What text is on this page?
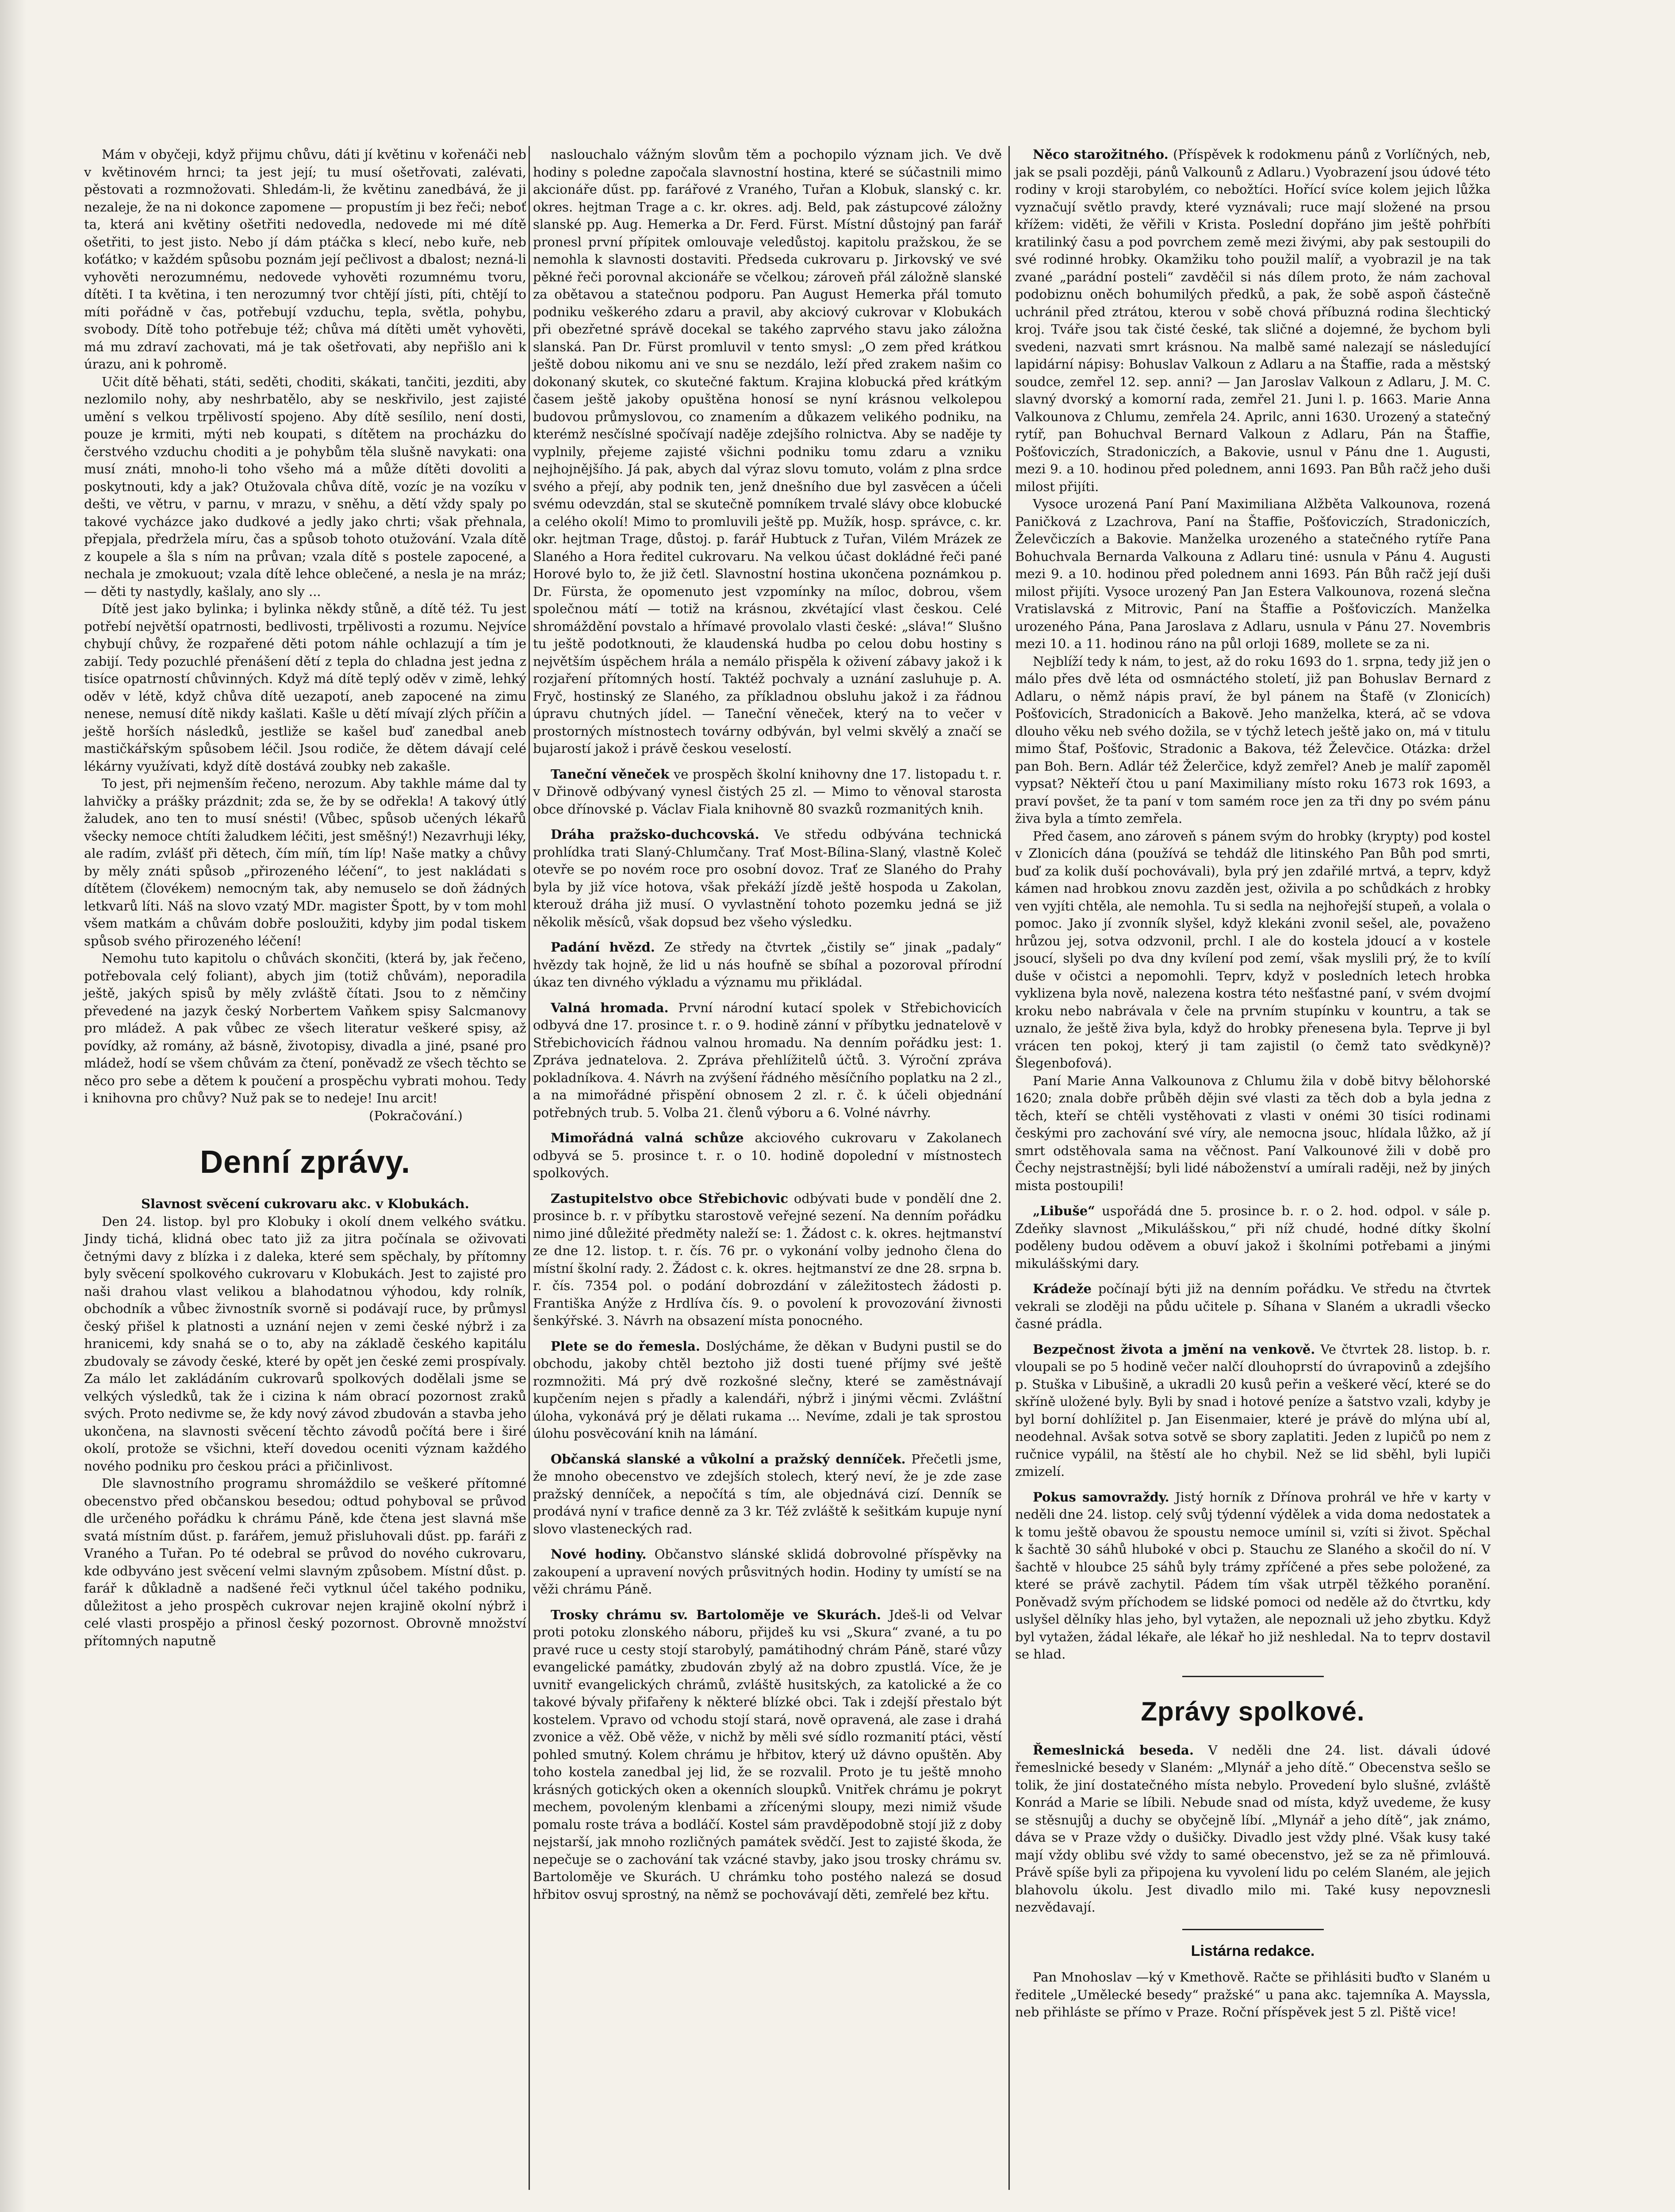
Mám v obyčeji, když přijmu chůvu, dáti jí květinu v kořenáči neb v květinovém hrnci; ta jest její; tu musí ošetřovati, zalévati, pěstovati a rozmnožovati. Shledám-li, že květinu zanedbává, že ji nezaleje, že na ni dokonce zapomene — propustím ji bez řeči; neboť ta, která ani květiny ošetřiti nedovedla, nedovede mi mé dítě ošetřiti, to jest jisto. Nebo jí dám ptáčka s klecí, nebo kuře, neb koťátko; v každém spůsobu poznám její pečlivost a dbalost; nezná-li vyhověti nerozumnému, nedovede vyhověti rozumnému tvoru, dítěti. I ta květina, i ten nerozumný tvor chtějí jísti, píti, chtějí to míti pořádně v čas, potřebují vzduchu, tepla, světla, pohybu, svobody. Dítě toho potřebuje též; chůva má dítěti umět vyhověti, má mu zdraví zachovati, má je tak ošetřovati, aby nepřišlo ani k úrazu, ani k pohromě.

Učit dítě běhati, státi, seděti, choditi, skákati, tančiti, jezditi, aby nezlomilo nohy, aby neshrbatělo, aby se neskřivilo, jest zajisté umění s velkou trpělivostí spojeno. Aby dítě sesílilo, není dosti, pouze je krmiti, mýti neb koupati, s dítětem na procházku do čerstvého vzduchu choditi a je pohybům těla slušně navykati: ona musí znáti, mnoho-li toho všeho má a může dítěti dovoliti a poskytnouti, kdy a jak? Otužovala chůva dítě, vozíc je na vozíku v dešti, ve větru, v parnu, v mrazu, v sněhu, a dětí vždy spaly po takové vycházce jako dudkové a jedly jako chrti; však přehnala, přepjala, předržela míru, čas a spůsob tohoto otužování. Vzala dítě z koupele a šla s ním na průvan; vzala dítě s postele zapocené, a nechala je zmokuout; vzala dítě lehce oblečené, a nesla je na mráz; — děti ty nastydly, kašlaly, ano sly ...

Dítě jest jako bylinka; i bylinka někdy stůně, a dítě též. Tu jest potřebí největší opatrnosti, bedlivosti, trpělivosti a rozumu. Nejvíce chybují chůvy, že rozpařené děti potom náhle ochlazují a tím je zabijí. Tedy pozuchlé přenášení dětí z tepla do chladna jest jedna z tisíce opatrností chůvinných. Když má dítě teplý oděv v zimě, lehký oděv v létě, když chůva dítě uezapotí, aneb zapocené na zimu nenese, nemusí dítě nikdy kašlati. Kašle u dětí mívají zlých příčin a ještě horších následků, jestliže se kašel buď zanedbal aneb mastičkářským spůsobem léčil. Jsou rodiče, že dětem dávají celé lékárny využívati, když dítě dostává zoubky neb zakašle.

To jest, při nejmenším řečeno, nerozum. Aby takhle máme dal ty lahvičky a prášky prázdnit; zda se, že by se odřekla! A takový útlý žaludek, ano ten to musí snésti! (Vůbec, spůsob učených lékařů všecky nemoce chtíti žaludkem léčiti, jest směšný!) Nezavrhuji léky, ale radím, zvlášť při dětech, čím míň, tím líp! Naše matky a chůvy by měly znáti spůsob „přirozeného léčení“, to jest nakládati s dítětem (človékem) nemocným tak, aby nemuselo se doň žádných letkvarů líti. Náš na slovo vzatý MDr. magister Špott, by v tom mohl všem matkám a chůvám dobře posloužiti, kdyby jim podal tiskem spůsob svého přirozeného léčení!

Nemohu tuto kapitolu o chůvách skončiti, (která by, jak řečeno, potřebovala celý foliant), abych jim (totiž chůvám), neporadila ještě, jakých spisů by měly zvláště čítati. Jsou to z němčiny převedené na jazyk český Norbertem Vaňkem spisy Salcmanovy pro mládež. A pak vůbec ze všech literatur veškeré spisy, až povídky, až romány, až básně, životopisy, divadla a jiné, psané pro mládež, hodí se všem chůvám za čtení, poněvadž ze všech těchto se něco pro sebe a dětem k poučení a prospěchu vybrati mohou. Tedy i knihovna pro chůvy? Nuž pak se to nedeje! Inu arcit!

(Pokračování.)

Denní zprávy.

Slavnost svěcení cukrovaru akc. v Klobukách.

Den 24. listop. byl pro Klobuky i okolí dnem velkého svátku. Jindy tichá, klidná obec tato již za jitra počínala se oživovati četnými davy z blízka i z daleka, které sem spěchaly, by přítomny byly svěcení spolkového cukrovaru v Klobukách. Jest to zajisté pro naši drahou vlast velikou a blahodatnou výhodou, kdy rolník, obchodník a vůbec živnostník svorně si podávají ruce, by průmysl český přišel k platnosti a uznání nejen v zemi české nýbrž i za hranicemi, kdy snahá se o to, aby na základě českého kapitálu zbudovaly se závody české, které by opět jen české zemi prospívaly. Za málo let zakládáním cukrovarů spolkových dodělali jsme se velkých výsledků, tak že i cizina k nám obrací pozornost zraků svých. Proto nedivme se, že kdy nový závod zbudován a stavba jeho ukončena, na slavnosti svěcení těchto závodů počítá bere i širé okolí, protože se všichni, kteří dovedou oceniti význam každého nového podniku pro českou práci a přičinlivost.

Dle slavnostního programu shromáždilo se veškeré přítomné obecenstvo před občanskou besedou; odtud pohyboval se průvod dle určeného pořádku k chrámu Páně, kde čtena jest slavná mše svatá místním dűst. p. farářem, jemuž přisluhovali dűst. pp. faráři z Vraného a Tuřan. Po té odebral se průvod do nového cukrovaru, kde odbyváno jest svěcení velmi slavným způsobem. Místní důst. p. farář k důkladně a nadšené řeči vytknul účel takého podniku, důležitost a jeho prospěch cukrovar nejen krajině okolní nýbrž i celé vlasti prospějo a přinosl český pozornost. Obrovně množství přítomných naputně

naslouchalo vážným slovům těm a pochopilo význam jich. Ve dvě hodiny s poledne započala slavnostní hostina, které se súčastnili mimo akcionáře dűst. pp. farářové z Vraného, Tuřan a Klobuk, slanský c. kr. okres. hejtman Trage a c. kr. okres. adj. Beld, pak zástupcové záložny slanské pp. Aug. Hemerka a Dr. Ferd. Fürst. Místní důstojný pan farář pronesl první přípitek omlouvaje veledůstoj. kapitolu pražskou, že se nemohla k slavnosti dostaviti. Předseda cukrovaru p. Jirkovský ve své pěkné řeči porovnal akcionáře se včelkou; zároveň přál záložně slanské za obětavou a statečnou podporu. Pan August Hemerka přál tomuto podniku veškerého zdaru a pravil, aby akciový cukrovar v Klobukách při obezřetné správě docekal se takého zaprvého stavu jako záložna slanská. Pan Dr. Fürst promluvil v tento smysl: „O zem před krátkou ještě dobou nikomu ani ve snu se nezdálo, leží před zrakem našim co dokonaný skutek, co skutečné faktum. Krajina klobucká před krátkým časem ještě jakoby opuštěna honosí se nyní krásnou velkolepou budovou průmyslovou, co znamením a důkazem velikého podniku, na kterémž nesčíslné spočívají naděje zdejšího rolnictva. Aby se naděje ty vyplnily, přejeme zajisté všichni podniku tomu zdaru a vzniku nejhojnějšího. Já pak, abych dal výraz slovu tomuto, volám z plna srdce svého a přejí, aby podnik ten, jenž dnešního due byl zasvěcen a účeli svému odevzdán, stal se skutečně pomníkem trvalé slávy obce klobucké a celého okolí! Mimo to promluvili ještě pp. Mužík, hosp. správce, c. kr. okr. hejtman Trage, důstoj. p. farář Hubtuck z Tuřan, Vilém Mrázek ze Slaného a Hora ředitel cukrovaru. Na velkou účast dokládné řeči pané Horové bylo to, že již četl. Slavnostní hostina ukončena poznámkou p. Dr. Fürsta, že opomenuto jest vzpomínky na míloc, dobrou, všem společnou mátí — totiž na krásnou, zkvétající vlast českou. Celé shromáždění povstalo a hřímavé provolalo vlasti české: „sláva!“ Slušno tu ještě podotknouti, že klaudenská hudba po celou dobu hostiny s největším úspěchem hrála a nemálo přispěla k oživení zábavy jakož i k rozjaření přítomných hostí. Taktéž pochvaly a uznání zasluhuje p. A. Fryč, hostinský ze Slaného, za příkladnou obsluhu jakož i za řádnou úpravu chutných jídel. — Taneční věneček, který na to večer v prostorných místnostech továrny odbýván, byl velmi skvělý a značí se bujarostí jakož i právě českou veselostí.

Taneční věneček ve prospěch školní knihovny dne 17. listopadu t. r. v Dřinově odbývaný vynesl čistých 25 zl. — Mimo to věnoval starosta obce dřínovské p. Václav Fiala knihovně 80 svazků rozmanitých knih.

Dráha pražsko-duchcovská. Ve středu odbývána technická prohlídka trati Slaný-Chlumčany. Trať Most-Bílina-Slaný, vlastně Koleč otevře se po novém roce pro osobní dovoz. Trať ze Slaného do Prahy byla by již více hotova, však překáží jízdě ještě hospoda u Zakolan, kterouž dráha již musí. O vyvlastnění tohoto pozemku jedná se již několik měsíců, však dopsud bez všeho výsledku.

Padání hvězd. Ze středy na čtvrtek „čistily se“ jinak „padaly“ hvězdy tak hojně, že lid u nás houfně se sbíhal a pozoroval přírodní úkaz ten divného výkladu a významu mu přikládal.

Valná hromada. První národní kutací spolek v Střebichovicích odbyvá dne 17. prosince t. r. o 9. hodině zánní v příbytku jednatelově v Střebichovicích řádnou valnou hromadu. Na denním pořádku jest: 1. Zpráva jednatelova. 2. Zpráva přehlížitelů účtů. 3. Výroční zpráva pokladníkova. 4. Návrh na zvýšení řádného měsíčního poplatku na 2 zl., a na mimořádné přispění obnosem 2 zl. r. č. k účeli objednání potřebných trub. 5. Volba 21. členů výboru a 6. Volné návrhy.

Mimořádná valná schůze akciového cukrovaru v Zakolanech odbyvá se 5. prosince t. r. o 10. hodině dopolední v místnostech spolkových.

Zastupitelstvo obce Střebichovic odbývati bude v pondělí dne 2. prosince b. r. v příbytku starostově veřejné sezení. Na denním pořádku nimo jiné důležité předměty naleží se: 1. Žádost c. k. okres. hejtmanství ze dne 12. listop. t. r. čís. 76 pr. o vykonání volby jednoho člena do místní školní rady. 2. Žádost c. k. okres. hejtmanství ze dne 28. srpna b. r. čís. 7354 pol. o podání dobrozdání v záležitostech žádosti p. Františka Anýže z Hrdlíva čís. 9. o povolení k provozování živnosti šenkýřské. 3. Návrh na obsazení místa ponocného.

Plete se do řemesla. Doslýcháme, že děkan v Budyni pustil se do obchodu, jakoby chtěl beztoho již dosti tuené příjmy své ještě rozmnožiti. Má prý dvě rozkošné slečny, které se zaměstnávají kupčením nejen s přadly a kalendáři, nýbrž i jinými věcmi. Zvláštní úloha, vykonává prý je dělati rukama ... Nevíme, zdali je tak sprostou úlohu posvěcování knih na lámání.

Občanská slanské a vůkolní a pražský denníček. Přečetli jsme, že mnoho obecenstvo ve zdejších stolech, který neví, že je zde zase pražský denníček, a nepočítá s tím, ale objednává cizí. Denník se prodává nyní v trafice denně za 3 kr. Též zvláště k sešitkám kupuje nyní slovo vlasteneckých rad.

Nové hodiny. Občanstvo slánské sklidá dobrovolné příspěvky na zakoupení a upravení nových průsvitných hodin. Hodiny ty umístí se na věži chrámu Páně.

Trosky chrámu sv. Bartoloměje ve Skurách. Jdeš-li od Velvar proti potoku zlonského náboru, přijdeš ku vsi „Skura“ zvané, a tu po pravé ruce u cesty stojí starobylý, památihodný chrám Páně, staré vůzy evangelické památky, zbudován zbylý až na dobro zpustlá. Více, že je uvnitř evangelických chrámů, zvláště husitských, za katolické a že co takové bývaly přifařeny k některé blízké obci. Tak i zdejší přestalo být kostelem. Vpravo od vchodu stojí stará, nově opravená, ale zase i drahá zvonice a věž. Obě věže, v nichž by měli své sídlo rozmanití ptáci, věstí pohled smutný. Kolem chrámu je hřbitov, který už dávno opuštěn. Aby toho kostela zanedbal jej lid, že se rozvalil. Proto je tu ještě mnoho krásných gotických oken a okenních sloupků. Vnitřek chrámu je pokryt mechem, povoleným klenbami a zřícenými sloupy, mezi nimiž všude pomalu roste tráva a bodláčí. Kostel sám pravděpodobně stojí již z doby nejstarší, jak mnoho rozličných památek svědčí. Jest to zajisté škoda, že nepečuje se o zachování tak vzácné stavby, jako jsou trosky chrámu sv. Bartoloměje ve Skurách. U chrámku toho postého nalezá se dosud hřbitov osvuj sprostný, na němž se pochovávají děti, zemřelé bez křtu.

Něco starožitného. (Příspěvek k rodokmenu pánů z Vorlíčných, neb, jak se psali později, pánů Valkounů z Adlaru.) Vyobrazení jsou údové této rodiny v kroji starobylém, co nebožtíci. Hořící svíce kolem jejich lůžka vyznačují světlo pravdy, které vyznávali; ruce mají složené na prsou křížem: viděti, že věřili v Krista. Poslední dopřáno jim ještě pohřbíti kratilinký času a pod povrchem země mezi živými, aby pak sestoupili do své rodinné hrobky. Okamžiku toho použil malíř, a vyobrazil je na tak zvané „parádní posteli“ zavděčil si nás dílem proto, že nám zachoval podobiznu oněch bohumilých předků, a pak, že sobě aspoň částečně uchránil před ztrátou, kterou v sobě chová příbuzná rodina šlechtický kroj. Tváře jsou tak čisté české, tak sličné a dojemné, že bychom byli svedeni, nazvati smrt krásnou. Na malbě samé nalezají se následující lapidární nápisy: Bohuslav Valkoun z Adlaru a na Štaffie, rada a městský soudce, zemřel 12. sep. anni? — Jan Jaroslav Valkoun z Adlaru, J. M. C. slavný dvorský a komorní rada, zemřel 21. Juni l. p. 1663. Marie Anna Valkounova z Chlumu, zemřela 24. Aprilc, anni 1630. Urozený a statečný rytíř, pan Bohuchval Bernard Valkoun z Adlaru, Pán na Štaffie, Pošťoviczích, Stradoniczích, a Bakovie, usnul v Pánu dne 1. Augusti, mezi 9. a 10. hodinou před polednem, anni 1693. Pan Bůh račž jeho duši milost přijíti.

Vysoce urozená Paní Paní Maximiliana Alžběta Valkounova, rozená Paničková z Lzachrova, Paní na Štaffie, Pošťoviczích, Stradoniczích, Želevčiczích a Bakovie. Manželka urozeného a statečného rytíře Pana Bohuchvala Bernarda Valkouna z Adlaru tiné: usnula v Pánu 4. Augusti mezi 9. a 10. hodinou před polednem anni 1693. Pán Bůh račž její duši milost přijíti. Vysoce urozený Pan Jan Estera Valkounova, rozená slečna Vratislavská z Mitrovic, Paní na Štaffie a Pošťoviczích. Manželka urozeného Pána, Pana Jaroslava z Adlaru, usnula v Pánu 27. Novembris mezi 10. a 11. hodinou ráno na půl orloji 1689, mollete se za ni.

Nejblíží tedy k nám, to jest, až do roku 1693 do 1. srpna, tedy již jen o málo přes dvě léta od osmnáctého století, již pan Bohuslav Bernard z Adlaru, o němž nápis praví, že byl pánem na Štafě (v Zlonicích) Pošťovicích, Stradonicích a Bakově. Jeho manželka, která, ač se vdova dlouho věku neb svého dožila, se v týchž letech ještě jako on, má v titulu mimo Štaf, Pošťovic, Stradonic a Bakova, též Želevčice. Otázka: držel pan Boh. Bern. Adlár též Želerčice, když zemřel? Aneb je malíř zapoměl vypsat? Někteří čtou u paní Maximiliany místo roku 1673 rok 1693, a praví povšet, že ta paní v tom samém roce jen za tři dny po svém pánu živa byla a tímto zemřela.

Před časem, ano zároveň s pánem svým do hrobky (krypty) pod kostel v Zlonicích dána (používá se tehdáž dle litinského Pan Bůh pod smrti, buď za kolik duší pochovávali), byla prý jen zdařilé mrtvá, a teprv, když kámen nad hrobkou znovu zazděn jest, oživila a po schůdkách z hrobky ven vyjíti chtěla, ale nemohla. Tu si sedla na nejhořejší stupeň, a volala o pomoc. Jako jí zvonník slyšel, když klekáni zvonil sešel, ale, považeno hrůzou jej, sotva odzvonil, prchl. I ale do kostela jdoucí a v kostele jsoucí, slyšeli po dva dny kvílení pod zemí, však myslili prý, že to kvílí duše v očistci a nepomohli. Teprv, když v posledních letech hrobka vyklizena byla nově, nalezena kostra této nešťastné paní, v svém dvojmí kroku nebo nabrávala v čele na prvním stupínku v kountru, a tak se uznalo, že ještě živa byla, když do hrobky přenesena byla. Teprve ji byl vrácen ten pokoj, který ji tam zajistil (o čemž tato svědkyně)? Šlegenbofová).

Paní Marie Anna Valkounova z Chlumu žila v době bitvy bělohorské 1620; znala dobře průběh dějin své vlasti za těch dob a byla jedna z těch, kteří se chtěli vystěhovati z vlasti v onémi 30 tisíci rodinami českými pro zachování své víry, ale nemocna jsouc, hlídala lůžko, až jí smrt odstěhovala sama na věčnost. Paní Valkounové žili v době pro Čechy nejstrastnější; byli lidé náboženství a umírali raději, než by jiných mista postoupili!

„Libuše“ uspořádá dne 5. prosince b. r. o 2. hod. odpol. v sále p. Zdeňky slavnost „Mikulášskou,“ při níž chudé, hodné dítky školní poděleny budou oděvem a obuví jakož i školními potřebami a jinými mikulášskými dary.

Krádeže počínají býti již na denním pořádku. Ve středu na čtvrtek vekrali se zloději na půdu učitele p. Síhana v Slaném a ukradli všecko časné prádla.

Bezpečnost života a jmění na venkově. Ve čtvrtek 28. listop. b. r. vloupali se po 5 hodině večer nalčí dlouhoprstí do úvrapovinů a zdejšího p. Stuška v Libušině, a ukradli 20 kusů peřin a veškeré věcí, které se do skříně uložené byly. Byli by snad i hotové peníze a šatstvo vzali, kdyby je byl borní dohlížitel p. Jan Eisenmaier, které je právě do mlýna ubí al, neodehnal. Avšak sotva sotvě se sbory zaplatiti. Jeden z lupičů po nem z ručnice vypálil, na štěstí ale ho chybil. Než se lid sběhl, byli lupiči zmizelí.

Pokus samovraždy. Jistý horník z Dřínova prohrál ve hře v karty v neděli dne 24. listop. celý svůj týdenní výdělek a vida doma nedostatek a k tomu ještě obavou že spoustu nemoce umínil si, vzíti si život. Spěchal k šachtě 30 sáhů hluboké v obci p. Stauchu ze Slaného a skočil do ní. V šachtě v hloubce 25 sáhů byly trámy zpříčené a přes sebe položené, za které se právě zachytil. Pádem tím však utrpěl těžkého poranění. Poněvadž svým příchodem se lidské pomoci od neděle až do čtvrtku, kdy uslyšel dělníky hlas jeho, byl vytažen, ale nepoznali už jeho zbytku. Když byl vytažen, žádal lékaře, ale lékař ho již neshledal. Na to teprv dostavil se hlad.

Zprávy spolkové.

Řemeslnická beseda. V neděli dne 24. list. dávali údové řemeslnické besedy v Slaném: „Mlynář a jeho dítě.“ Obecenstva sešlo se tolik, že jiní dostatečného místa nebylo. Provedení bylo slušné, zvláště Konrád a Marie se líbili. Nebude snad od místa, když uvedeme, že kusy se stěsnujůj a duchy se obyčejně líbí. „Mlynář a jeho dítě“, jak známo, dáva se v Praze vždy o dušičky. Divadlo jest vždy plné. Však kusy také mají vždy oblibu své vždy to samé obecenstvo, jež se za ně přimlouvá. Právě spíše byli za připojena ku vyvolení lidu po celém Slaném, ale jejich blahovolu úkolu. Jest divadlo milo mi. Také kusy nepovznesli nezvědavají.

Listárna redakce.

Pan Mnohoslav —ký v Kmethově. Račte se přihlásiti buďto v Slaném u ředitele „Umělecké besedy“ pražské“ u pana akc. tajemníka A. Mayssla, neb přihláste se přímo v Praze. Roční příspěvek jest 5 zl. Piště vice!
